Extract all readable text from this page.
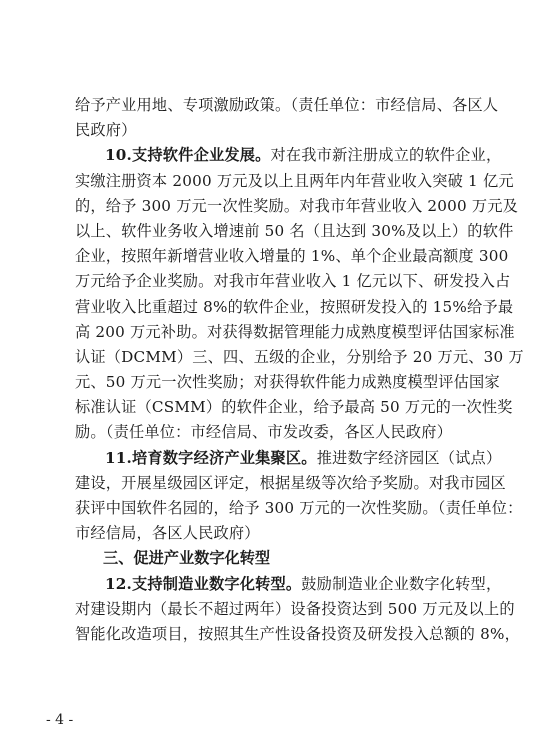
给予产业用地、专项激励政策。（责任单位：市经信局、各区人
民政府）
10.支持软件企业发展。对在我市新注册成立的软件企业，
实缴注册资本 2000 万元及以上且两年内年营业收入突破 1 亿元
的，给予 300 万元一次性奖励。对我市年营业收入 2000 万元及
以上、软件业务收入增速前 50 名（且达到 30%及以上）的软件
企业，按照年新增营业收入增量的 1%、单个企业最高额度 300
万元给予企业奖励。对我市年营业收入 1 亿元以下、研发投入占
营业收入比重超过 8%的软件企业，按照研发投入的 15%给予最
高 200 万元补助。对获得数据管理能力成熟度模型评估国家标准
认证（DCMM）三、四、五级的企业，分别给予 20 万元、30 万
元、50 万元一次性奖励；对获得软件能力成熟度模型评估国家
标准认证（CSMM）的软件企业，给予最高 50 万元的一次性奖
励。（责任单位：市经信局、市发改委，各区人民政府）
11.培育数字经济产业集聚区。推进数字经济园区（试点）
建设，开展星级园区评定，根据星级等次给予奖励。对我市园区
获评中国软件名园的，给予 300 万元的一次性奖励。（责任单位：
市经信局，各区人民政府）
三、促进产业数字化转型
12.支持制造业数字化转型。鼓励制造业企业数字化转型，
对建设期内（最长不超过两年）设备投资达到 500 万元及以上的
智能化改造项目，按照其生产性设备投资及研发投入总额的 8%，
- 4 -
